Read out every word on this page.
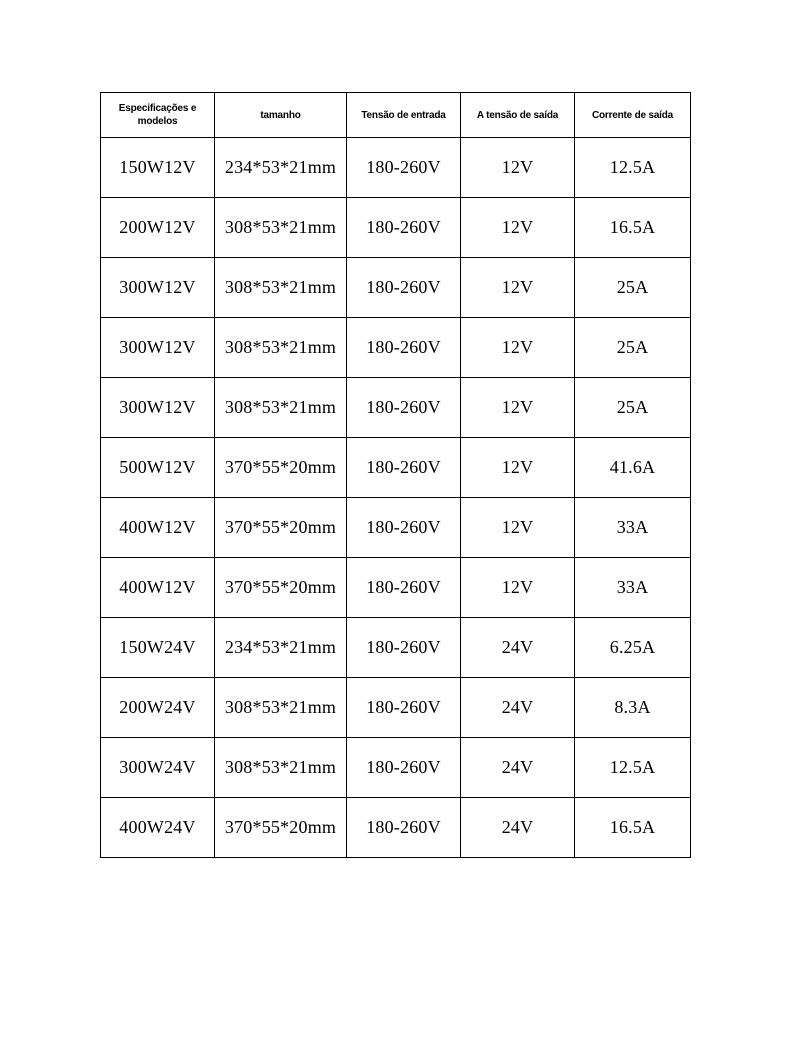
Especificações e modelos	tamanho	Tensão de entrada	A tensão de saída	Corrente de saída
150W12V	234*53*21mm	180-260V	12V	12.5A
200W12V	308*53*21mm	180-260V	12V	16.5A
300W12V	308*53*21mm	180-260V	12V	25A
300W12V	308*53*21mm	180-260V	12V	25A
300W12V	308*53*21mm	180-260V	12V	25A
500W12V	370*55*20mm	180-260V	12V	41.6A
400W12V	370*55*20mm	180-260V	12V	33A
400W12V	370*55*20mm	180-260V	12V	33A
150W24V	234*53*21mm	180-260V	24V	6.25A
200W24V	308*53*21mm	180-260V	24V	8.3A
300W24V	308*53*21mm	180-260V	24V	12.5A
400W24V	370*55*20mm	180-260V	24V	16.5A
